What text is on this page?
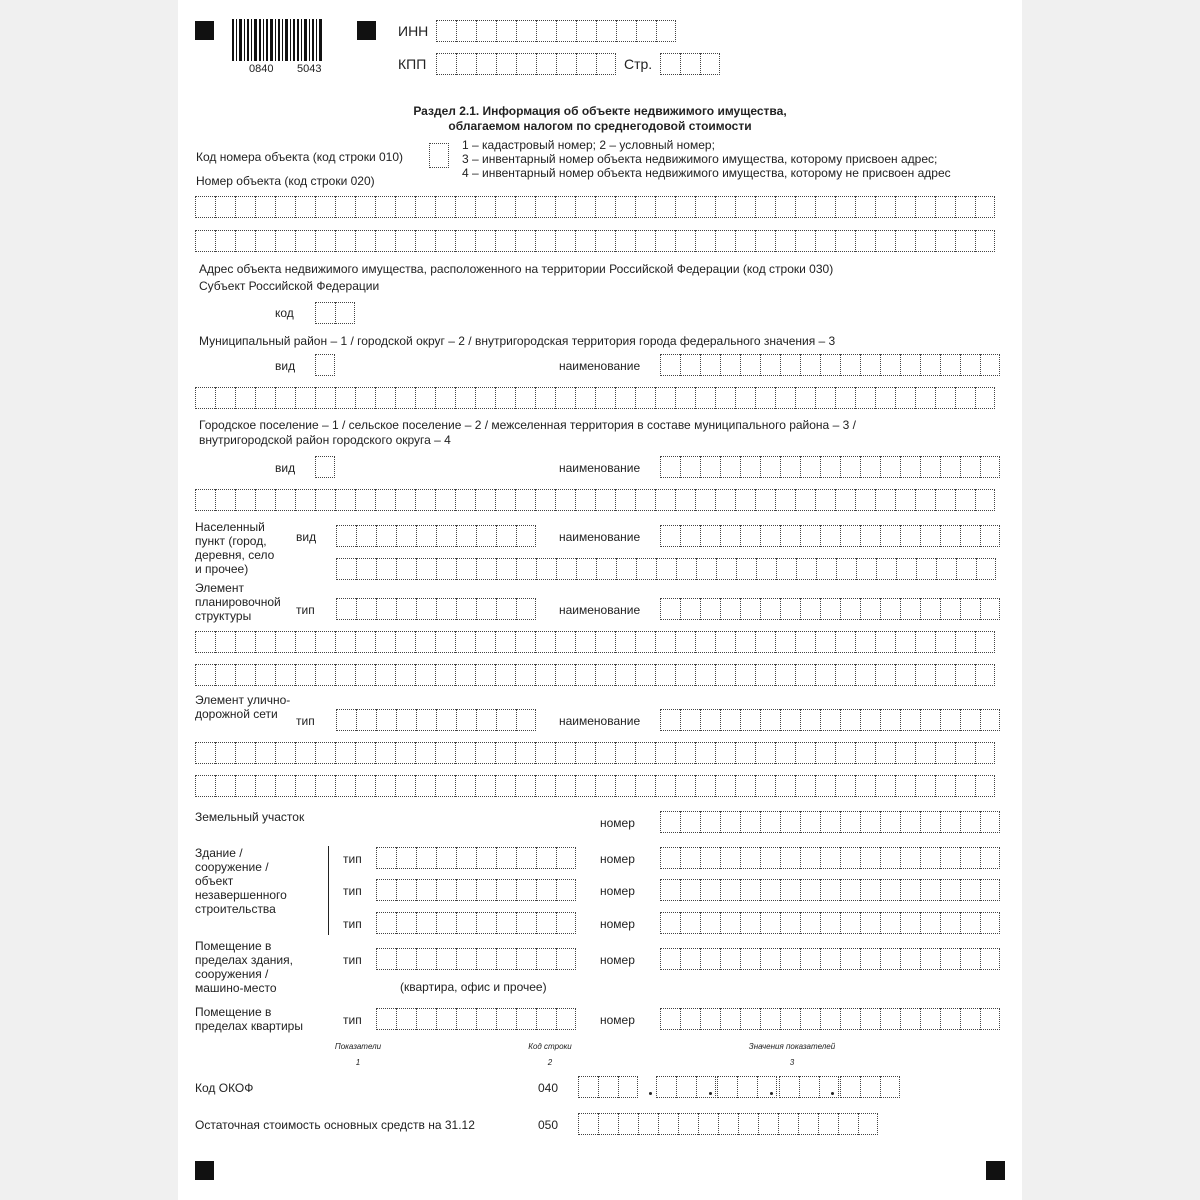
0840 5043
ИНН
КПП	Стр.
Раздел 2.1. Информация об объекте недвижимого имущества,
облагаемом налогом по среднегодовой стоимости
Код номера объекта (код строки 010)
1 – кадастровый номер; 2 – условный номер;
3 – инвентарный номер объекта недвижимого имущества, которому присвоен адрес;
4 – инвентарный номер объекта недвижимого имущества, которому не присвоен адрес
Номер объекта (код строки 020)
Адрес объекта недвижимого имущества, расположенного на территории Российской Федерации (код строки 030)
Субъект Российской Федерации
код
Муниципальный район – 1 / городской округ – 2 / внутригородская территория города федерального значения – 3
вид	наименование
Городское поселение – 1 / сельское поселение – 2 / межселенная территория в составе муниципального района – 3 /
внутригородской район городского округа – 4
вид	наименование
Населенный пункт (город, деревня, село и прочее)
вид	наименование
Элемент планировочной структуры	тип	наименование
Элемент улично-дорожной сети	тип	наименование
Земельный участок	номер
Здание / сооружение / объект незавершенного строительства
тип	номер
тип	номер
тип	номер
Помещение в пределах здания, сооружения / машино-место
тип	номер
(квартира, офис и прочее)
Помещение в пределах квартиры	тип	номер
Показатели	Код строки	Значения показателей
1	2	3
Код ОКОФ	040
Остаточная стоимость основных средств на 31.12	050
